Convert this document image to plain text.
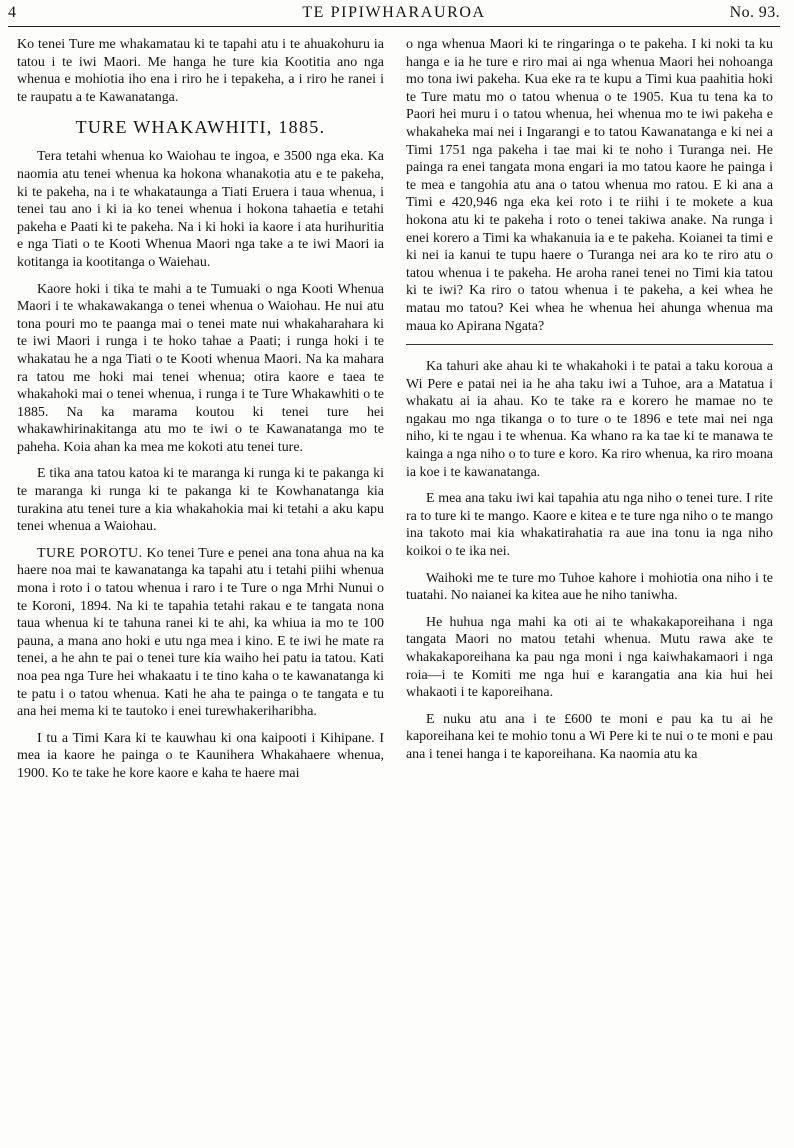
4	TE PIPIWHARAUROA	No. 93.

Ko tenei Ture me whakamatau ki te tapahi atu i te ahuakohuru ia tatou i te iwi Maori. Me hanga he ture kia Kootitia ano nga whenua e mohiotia iho ena i riro he i tepakeha, a i riro he ranei i te raupatu a te Kawanatanga.

TURE WHAKAWHITI, 1885.

Tera tetahi whenua ko Waiohau te ingoa, e 3500 nga eka. Ka naomia atu tenei whenua ka hokona whanakotia atu e te pakeha, ki te pakeha, na i te whakataunga a Tiati Eruera i taua whenua, i tenei tau ano i ki ia ko tenei whenua i hokona tahaetia e tetahi pakeha e Paati ki te pakeha. Na i ki hoki ia kaore i ata hurihuritia e nga Tiati o te Kooti Whenua Maori nga take a te iwi Maori ia kotitanga ia kootitanga o Waiehau.

Kaore hoki i tika te mahi a te Tumuaki o nga Kooti Whenua Maori i te whakawakanga o tenei whenua o Waiohau. He nui atu tona pouri mo te paanga mai o tenei mate nui whakaharahara ki te iwi Maori i runga i te hoko tahae a Paati; i runga hoki i te whakatau he a nga Tiati o te Kooti whenua Maori. Na ka mahara ra tatou me hoki mai tenei whenua; otira kaore e taea te whakahoki mai o tenei whenua, i runga i te Ture Whakawhiti o te 1885. Na ka marama koutou ki tenei ture hei whakawhirinakitanga atu mo te iwi o te Kawanatanga mo te paheha. Koia ahan ka mea me kokoti atu tenei ture.

E tika ana tatou katoa ki te maranga ki runga ki te pakanga ki te maranga ki runga ki te pakanga ki te Kowhanatanga kia turakina atu tenei ture a kia whakahokia mai ki tetahi a aku kapu tenei whenua a Waiohau.

TURE POROTU. Ko tenei Ture e penei ana tona ahua na ka haere noa mai te kawanatanga ka tapahi atu i tetahi piihi whenua mona i roto i o tatou whenua i raro i te Ture o nga Mrhi Nunui o te Koroni, 1894. Na ki te tapahia tetahi rakau e te tangata nona taua whenua ki te tahuna ranei ki te ahi, ka whiua ia mo te 100 pauna, a mana ano hoki e utu nga mea i kino. E te iwi he mate ra tenei, a he ahn te pai o tenei ture kia waiho hei patu ia tatou. Kati noa pea nga Ture hei whakaatu i te tino kaha o te kawanatanga ki te patu i o tatou whenua. Kati he aha te painga o te tangata e tu ana hei mema ki te tautoko i enei turewhakeriharibha.

I tu a Timi Kara ki te kauwhau ki ona kaipooti i Kihipane. I mea ia kaore he painga o te Kaunihera Whakahaere whenua, 1900. Ko te take he kore kaore e kaha te haere mai

o nga whenua Maori ki te ringaringa o te pakeha. I ki noki ta ku hanga e ia he ture e riro mai ai nga whenua Maori hei nohoanga mo tona iwi pakeha. Kua eke ra te kupu a Timi kua paahitia hoki te Ture matu mo o tatou whenua o te 1905. Kua tu tena ka to Paori hei muru i o tatou whenua, hei whenua mo te iwi pakeha e whakaheka mai nei i Ingarangi e to tatou Kawanatanga e ki nei a Timi 1751 nga pakeha i tae mai ki te noho i Turanga nei. He painga ra enei tangata mona engari ia mo tatou kaore he painga i te mea e tangohia atu ana o tatou whenua mo ratou. E ki ana a Timi e 420,946 nga eka kei roto i te riihi i te mokete a kua hokona atu ki te pakeha i roto o tenei takiwa anake. Na runga i enei korero a Timi ka whakanuia ia e te pakeha. Koianei ta timi e ki nei ia kanui te tupu haere o Turanga nei ara ko te riro atu o tatou whenua i te pakeha. He aroha ranei tenei no Timi kia tatou ki te iwi? Ka riro o tatou whenua i te pakeha, a kei whea he matau mo tatou? Kei whea he whenua hei ahunga whenua ma maua ko Apirana Ngata?

Ka tahuri ake ahau ki te whakahoki i te patai a taku koroua a Wi Pere e patai nei ia he aha taku iwi a Tuhoe, ara a Matatua i whakatu ai ia ahau. Ko te take ra e korero he mamae no te ngakau mo nga tikanga o to ture o te 1896 e tete mai nei nga niho, ki te ngau i te whenua. Ka whano ra ka tae ki te manawa te kainga a nga niho o to ture e koro. Ka riro whenua, ka riro moana ia koe i te kawanatanga.

E mea ana taku iwi kai tapahia atu nga niho o tenei ture. I rite ra to ture ki te mango. Kaore e kitea e te ture nga niho o te mango ina takoto mai kia whakatirahatia ra aue ina tonu ia nga niho koikoi o te ika nei.

Waihoki me te ture mo Tuhoe kahore i mohiotia ona niho i te tuatahi. No naianei ka kitea aue he niho taniwha.

He huhua nga mahi ka oti ai te whakakaporeihana i nga tangata Maori no matou tetahi whenua. Mutu rawa ake te whakakaporeihana ka pau nga moni i nga kaiwhakamaori i nga roia—i te Komiti me nga hui e karangatia ana kia hui hei whakaoti i te kaporeihana.

E nuku atu ana i te £600 te moni e pau ka tu ai he kaporeihana kei te mohio tonu a Wi Pere ki te nui o te moni e pau ana i tenei hanga i te kaporeihana. Ka naomia atu ka
